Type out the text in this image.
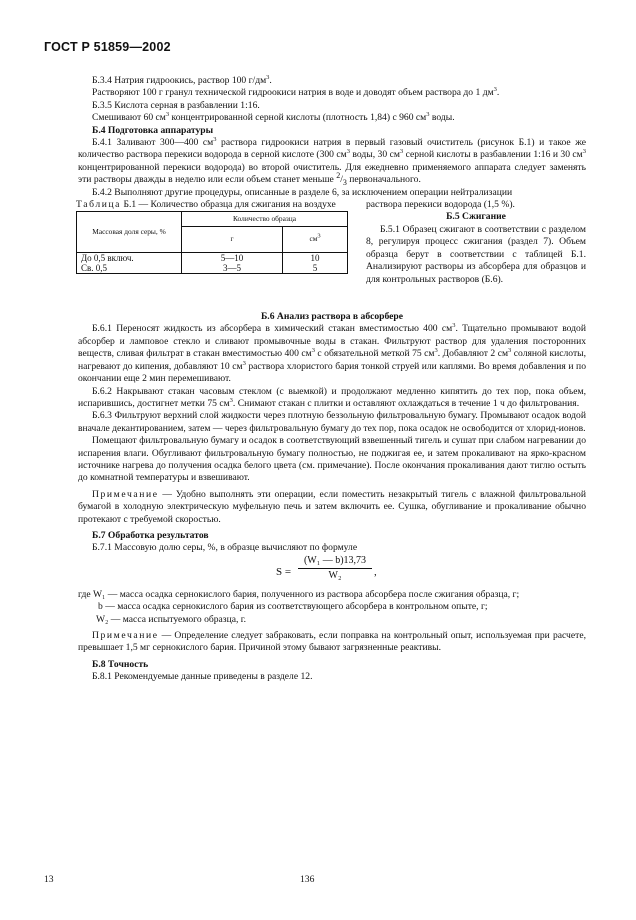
ГОСТ Р 51859—2002

Б.3.4 Натрия гидроокись, раствор 100 $г/дм^3$.

Растворяют 100 г гранул технической гидроокиси натрия в воде и доводят объем раствора до 1 $дм^3$.

Б.3.5 Кислота серная в разбавлении 1:16.

Смешивают 60 $см^3$ концентрированной серной кислоты (плотность 1,84) с 960 $см^3$ воды.

Б.4 Подготовка аппаратуры

Б.4.1 Заливают 300—400 $см^3$ раствора гидроокиси натрия в первый газовый очиститель (рисунок Б.1) и такое же количество раствора перекиси водорода в серной кислоте (300 $см^3$ воды, 30 $см^3$ серной кислоты в разбавлении 1:16 и 30 $см^3$ концентрированной перекиси водорода) во второй очиститель. Для ежедневно применяемого аппарата следует заменять эти растворы дважды в неделю или если объем станет меньше $^2/_3$ первоначального.

Б.4.2 Выполняют другие процедуры, описанные в разделе 6, за исключением операции нейтрализации

Таблица Б.1 — Количество образца для сжигания на воздухе

Массовая доля серы, %	Количество образца	
	г	$см^3$
До 0,5 включ.	5—10	10
Св. 0,5	3—5	5

раствора перекиси водорода (1,5 %).

Б.5 Сжигание

Б.5.1 Образец сжигают в соответствии с разделом 8, регулируя процесс сжигания (раздел 7). Объем образца берут в соответствии с таблицей Б.1. Анализируют растворы из абсорбера для образцов и для контрольных растворов (Б.6).

Б.6 Анализ раствора в абсорбере

Б.6.1 Переносят жидкость из абсорбера в химический стакан вместимостью 400 $см^3$. Тщательно промывают водой абсорбер и ламповое стекло и сливают промывочные воды в стакан. Фильтруют раствор для удаления посторонних веществ, сливая фильтрат в стакан вместимостью 400 $см^3$ с обязательной меткой 75 $см^3$. Добавляют 2 $см^3$ соляной кислоты, нагревают до кипения, добавляют 10 $см^3$ раствора хлористого бария тонкой струей или каплями. Во время добавления и по окончании еще 2 мин перемешивают.

Б.6.2 Накрывают стакан часовым стеклом (с выемкой) и продолжают медленно кипятить до тех пор, пока объем, испарившись, достигнет метки 75 $см^3$. Снимают стакан с плитки и оставляют охлаждаться в течение 1 ч до фильтрования.

Б.6.3 Фильтруют верхний слой жидкости через плотную беззольную фильтровальную бумагу. Промывают осадок водой вначале декантированием, затем — через фильтровальную бумагу до тех пор, пока осадок не освободится от хлорид-ионов.

Помещают фильтровальную бумагу и осадок в соответствующий взвешенный тигель и сушат при слабом нагревании до испарения влаги. Обугливают фильтровальную бумагу полностью, не поджигая ее, и затем прокаливают на ярко-красном источнике нагрева до получения осадка белого цвета (см. примечание). После окончания прокаливания дают тиглю остыть до комнатной температуры и взвешивают.

Примечание — Удобно выполнять эти операции, если поместить незакрытый тигель с влажной фильтровальной бумагой в холодную электрическую муфельную печь и затем включить ее. Сушка, обугливание и прокаливание обычно протекают с требуемой скоростью.

Б.7 Обработка результатов

Б.7.1 Массовую долю серы, %, в образце вычисляют по формуле

$S = \frac{\text{(W₁ — b)13,73}}{\text{W₂}}$ ,

где W₁ — масса осадка сернокислого бария, полученного из раствора абсорбера после сжигания образца, г;

b — масса осадка сернокислого бария из соответствующего абсорбера в контрольном опыте, г;

W₂ — масса испытуемого образца, г.

Примечание — Определение следует забраковать, если поправка на контрольный опыт, используемая при расчете, превышает 1,5 мг сернокислого бария. Причиной этому бывают загрязненные реактивы.

Б.8 Точность

Б.8.1 Рекомендуемые данные приведены в разделе 12.

13	136
